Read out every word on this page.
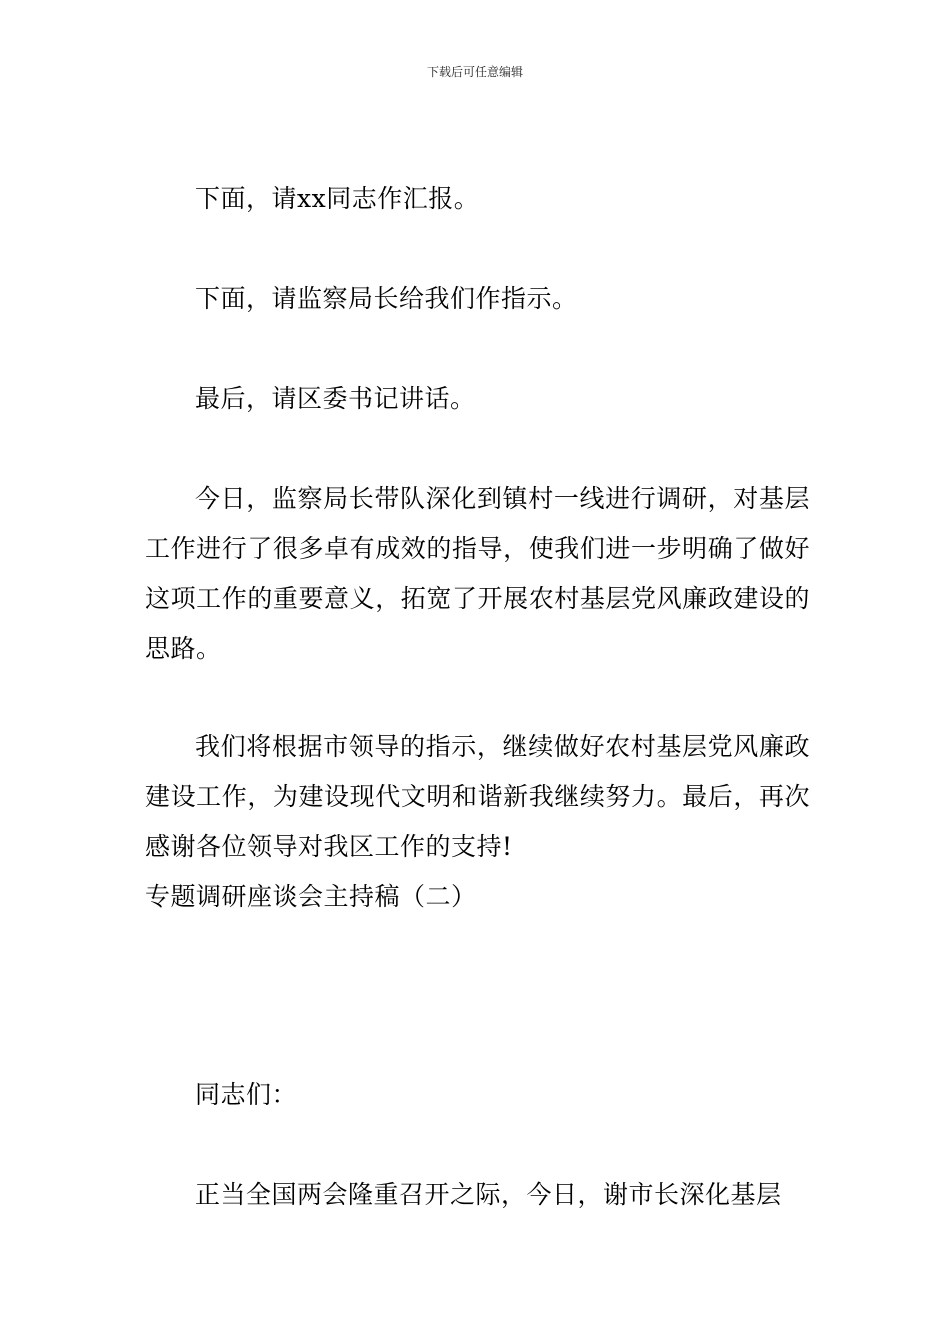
下载后可任意编辑

下面，请xx同志作汇报。

下面，请监察局长给我们作指示。

最后，请区委书记讲话。

今日，监察局长带队深化到镇村一线进行调研，对基层工作进行了很多卓有成效的指导，使我们进一步明确了做好这项工作的重要意义，拓宽了开展农村基层党风廉政建设的思路。

我们将根据市领导的指示，继续做好农村基层党风廉政建设工作，为建设现代文明和谐新我继续努力。最后，再次感谢各位领导对我区工作的支持!

专题调研座谈会主持稿（二）

同志们：

正当全国两会隆重召开之际，今日，谢市长深化基层
